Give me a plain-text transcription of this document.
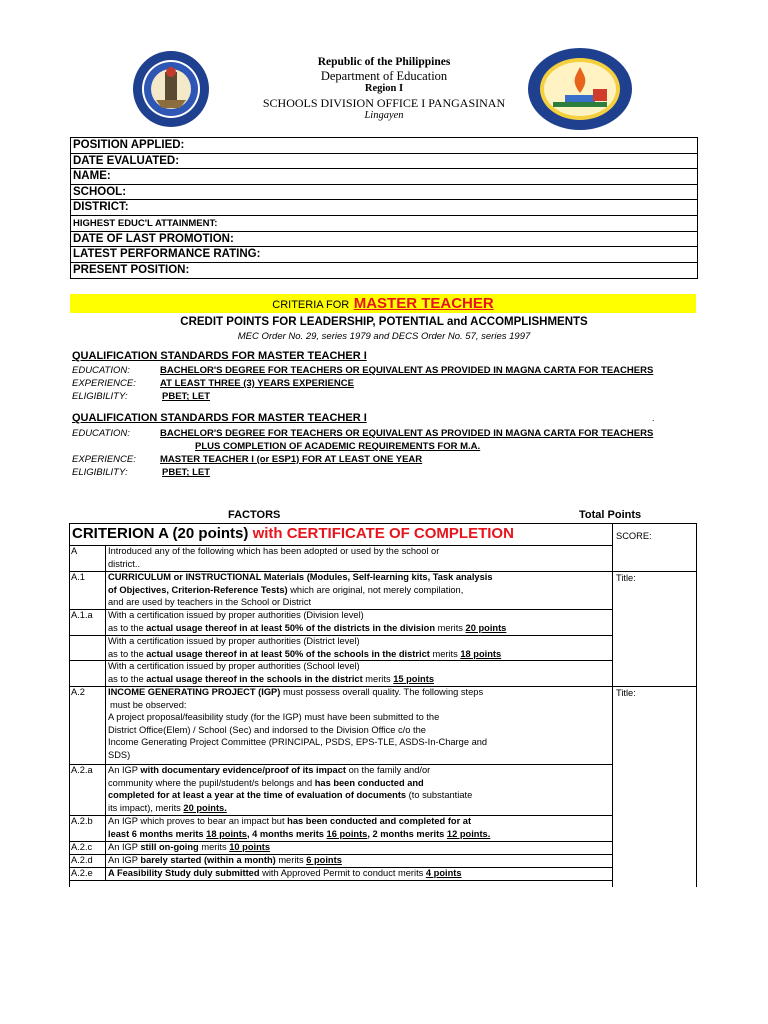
Republic of the Philippines
Department of Education
Region I
SCHOOLS DIVISION OFFICE I PANGASINAN
Lingayen
POSITION APPLIED:
DATE EVALUATED:
NAME:
SCHOOL:
DISTRICT:
HIGHEST EDUC'L ATTAINMENT:
DATE OF LAST PROMOTION:
LATEST PERFORMANCE RATING:
PRESENT POSITION:
CRITERIA FOR MASTER TEACHER
CREDIT POINTS FOR LEADERSHIP, POTENTIAL and ACCOMPLISHMENTS
MEC Order No. 29, series 1979 and DECS Order No. 57, series 1997
QUALIFICATION STANDARDS FOR MASTER TEACHER I
EDUCATION:	BACHELOR'S DEGREE FOR TEACHERS OR EQUIVALENT AS PROVIDED IN MAGNA CARTA FOR TEACHERS
EXPERIENCE:	AT LEAST THREE (3) YEARS EXPERIENCE
ELIGIBILITY:	PBET; LET
QUALIFICATION STANDARDS FOR MASTER TEACHER I	.
EDUCATION:	BACHELOR'S DEGREE FOR TEACHERS OR EQUIVALENT AS PROVIDED IN MAGNA CARTA FOR TEACHERS
PLUS COMPLETION OF ACADEMIC REQUIREMENTS FOR M.A.
EXPERIENCE:	MASTER TEACHER I (or ESP1) FOR AT LEAST ONE YEAR
ELIGIBILITY:	PBET; LET
FACTORS	Total Points
CRITERION A (20 points) with CERTIFICATE OF COMPLETION	SCORE:
A	Introduced any of the following which has been adopted or used by the school or
district..
A.1 CURRICULUM or INSTRUCTIONAL Materials (Modules, Self-learning kits, Task analysis
of Objectives, Criterion-Reference Tests) which are original, not merely compilation,
and are used by teachers in the School or District
Title:
A.1.a With a certification issued by proper authorities (Division level)
as to the actual usage thereof in at least 50% of the districts in the division merits 20 points
With a certification issued by proper authorities (District level)
as to the actual usage thereof in at least 50% of the schools in the district merits 18 points
With a certification issued by proper authorities (School level)
as to the actual usage thereof in the schools in the district merits 15 points
A.2 INCOME GENERATING PROJECT (IGP) must possess overall quality. The following steps
must be observed:
A project proposal/feasibility study (for the IGP) must have been submitted to the
District Office(Elem) / School (Sec) and indorsed to the Division Office c/o the
Income Generating Project Committee (PRINCIPAL, PSDS, EPS-TLE, ASDS-In-Charge and
SDS)
Title:
A.2.a An IGP with documentary evidence/proof of its impact on the family and/or
community where the pupil/student/s belongs and has been conducted and
completed for at least a year at the time of evaluation of documents (to substantiate
its impact), merits 20 points.
A.2.b An IGP which proves to bear an impact but has been conducted and completed for at
least 6 months merits 18 points, 4 months merits 16 points, 2 months merits 12 points.
A.2.c An IGP still on-going merits 10 points
A.2.d An IGP barely started (within a month) merits 6 points
A.2.e A Feasibility Study duly submitted with Approved Permit to conduct merits 4 points
